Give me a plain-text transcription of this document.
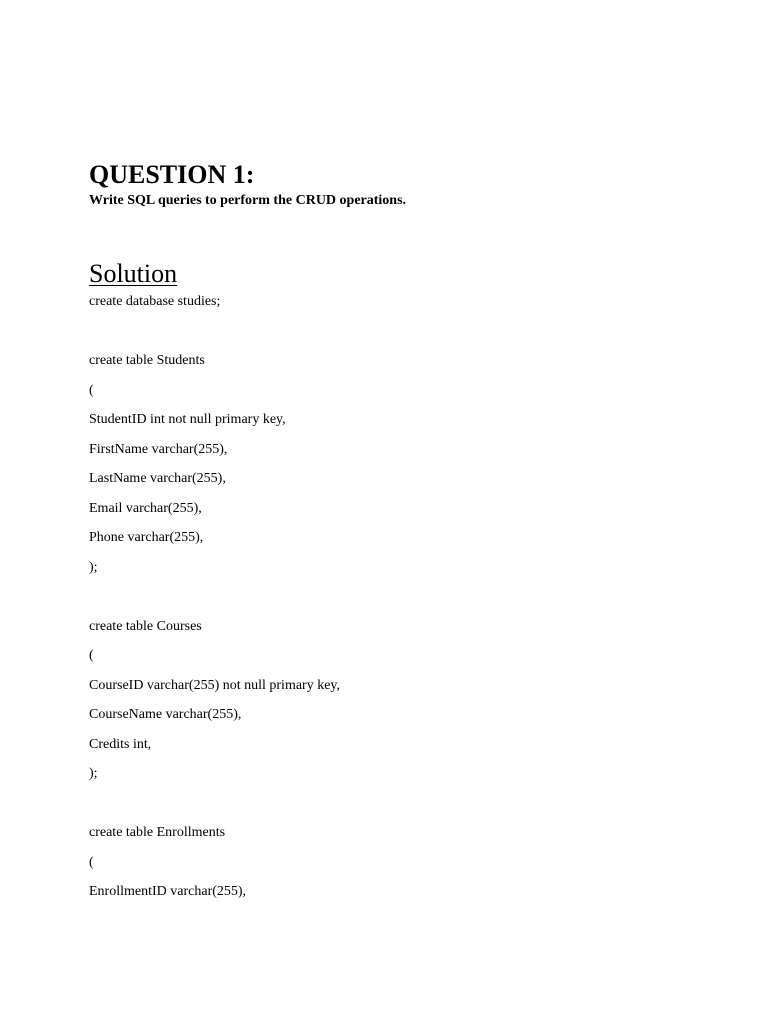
QUESTION 1:

Write SQL queries to perform the CRUD operations.

Solution
create database studies;
create table Students
(
StudentID int not null primary key,
FirstName varchar(255),
LastName varchar(255),
Email varchar(255),
Phone varchar(255),
);
create table Courses
(
CourseID varchar(255) not null primary key,
CourseName varchar(255),
Credits int,
);
create table Enrollments
(
EnrollmentID varchar(255),
